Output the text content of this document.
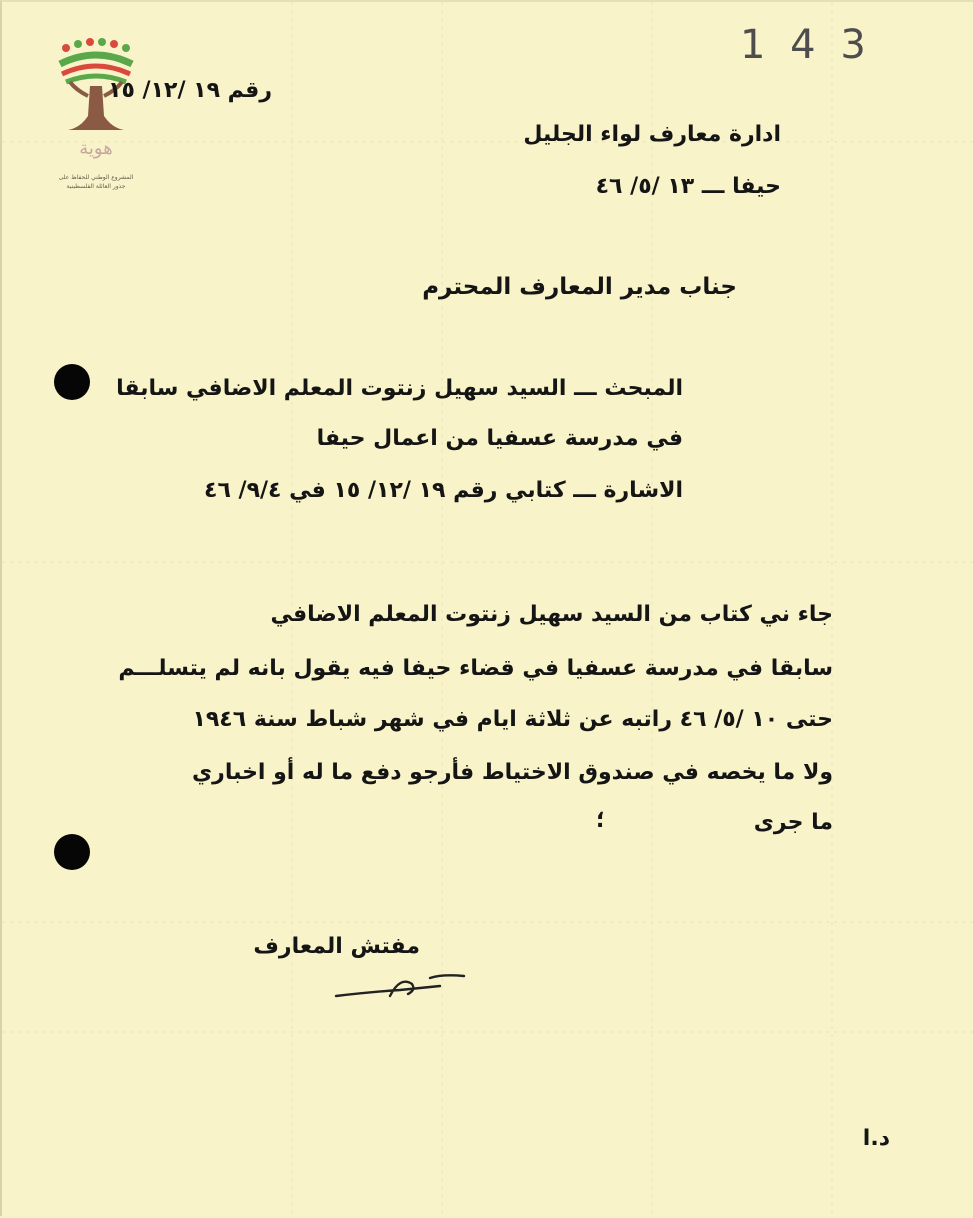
هوية
المشروع الوطني للحفاظ على
جذور العائلة الفلسطينية
1 4 3
رقم ١٩ /١٢/ ١٥
ادارة معارف لواء الجليل
حيفا ـــ ١٣ /٥/ ٤٦
جناب مدير المعارف المحترم
المبحث ـــ السيد سهيل زنتوت المعلم الاضافي سابقا
في مدرسة عسفيا من اعمال حيفا
الاشارة ـــ كتابي رقم ١٩ /١٢/ ١٥ في ٩/٤/ ٤٦
جاء ني كتاب من السيد سهيل زنتوت المعلم الاضافي
سابقا في مدرسة عسفيا في قضاء حيفا فيه يقول بانه لم يتسلـــم
حتى ١٠ /٥/ ٤٦ راتبه عن ثلاثة ايام في شهر شباط سنة ١٩٤٦
ولا ما يخصه في صندوق الاختياط فأرجو دفع ما له أو اخباري
ما جرى
؛
مفتش المعارف
د.ا
